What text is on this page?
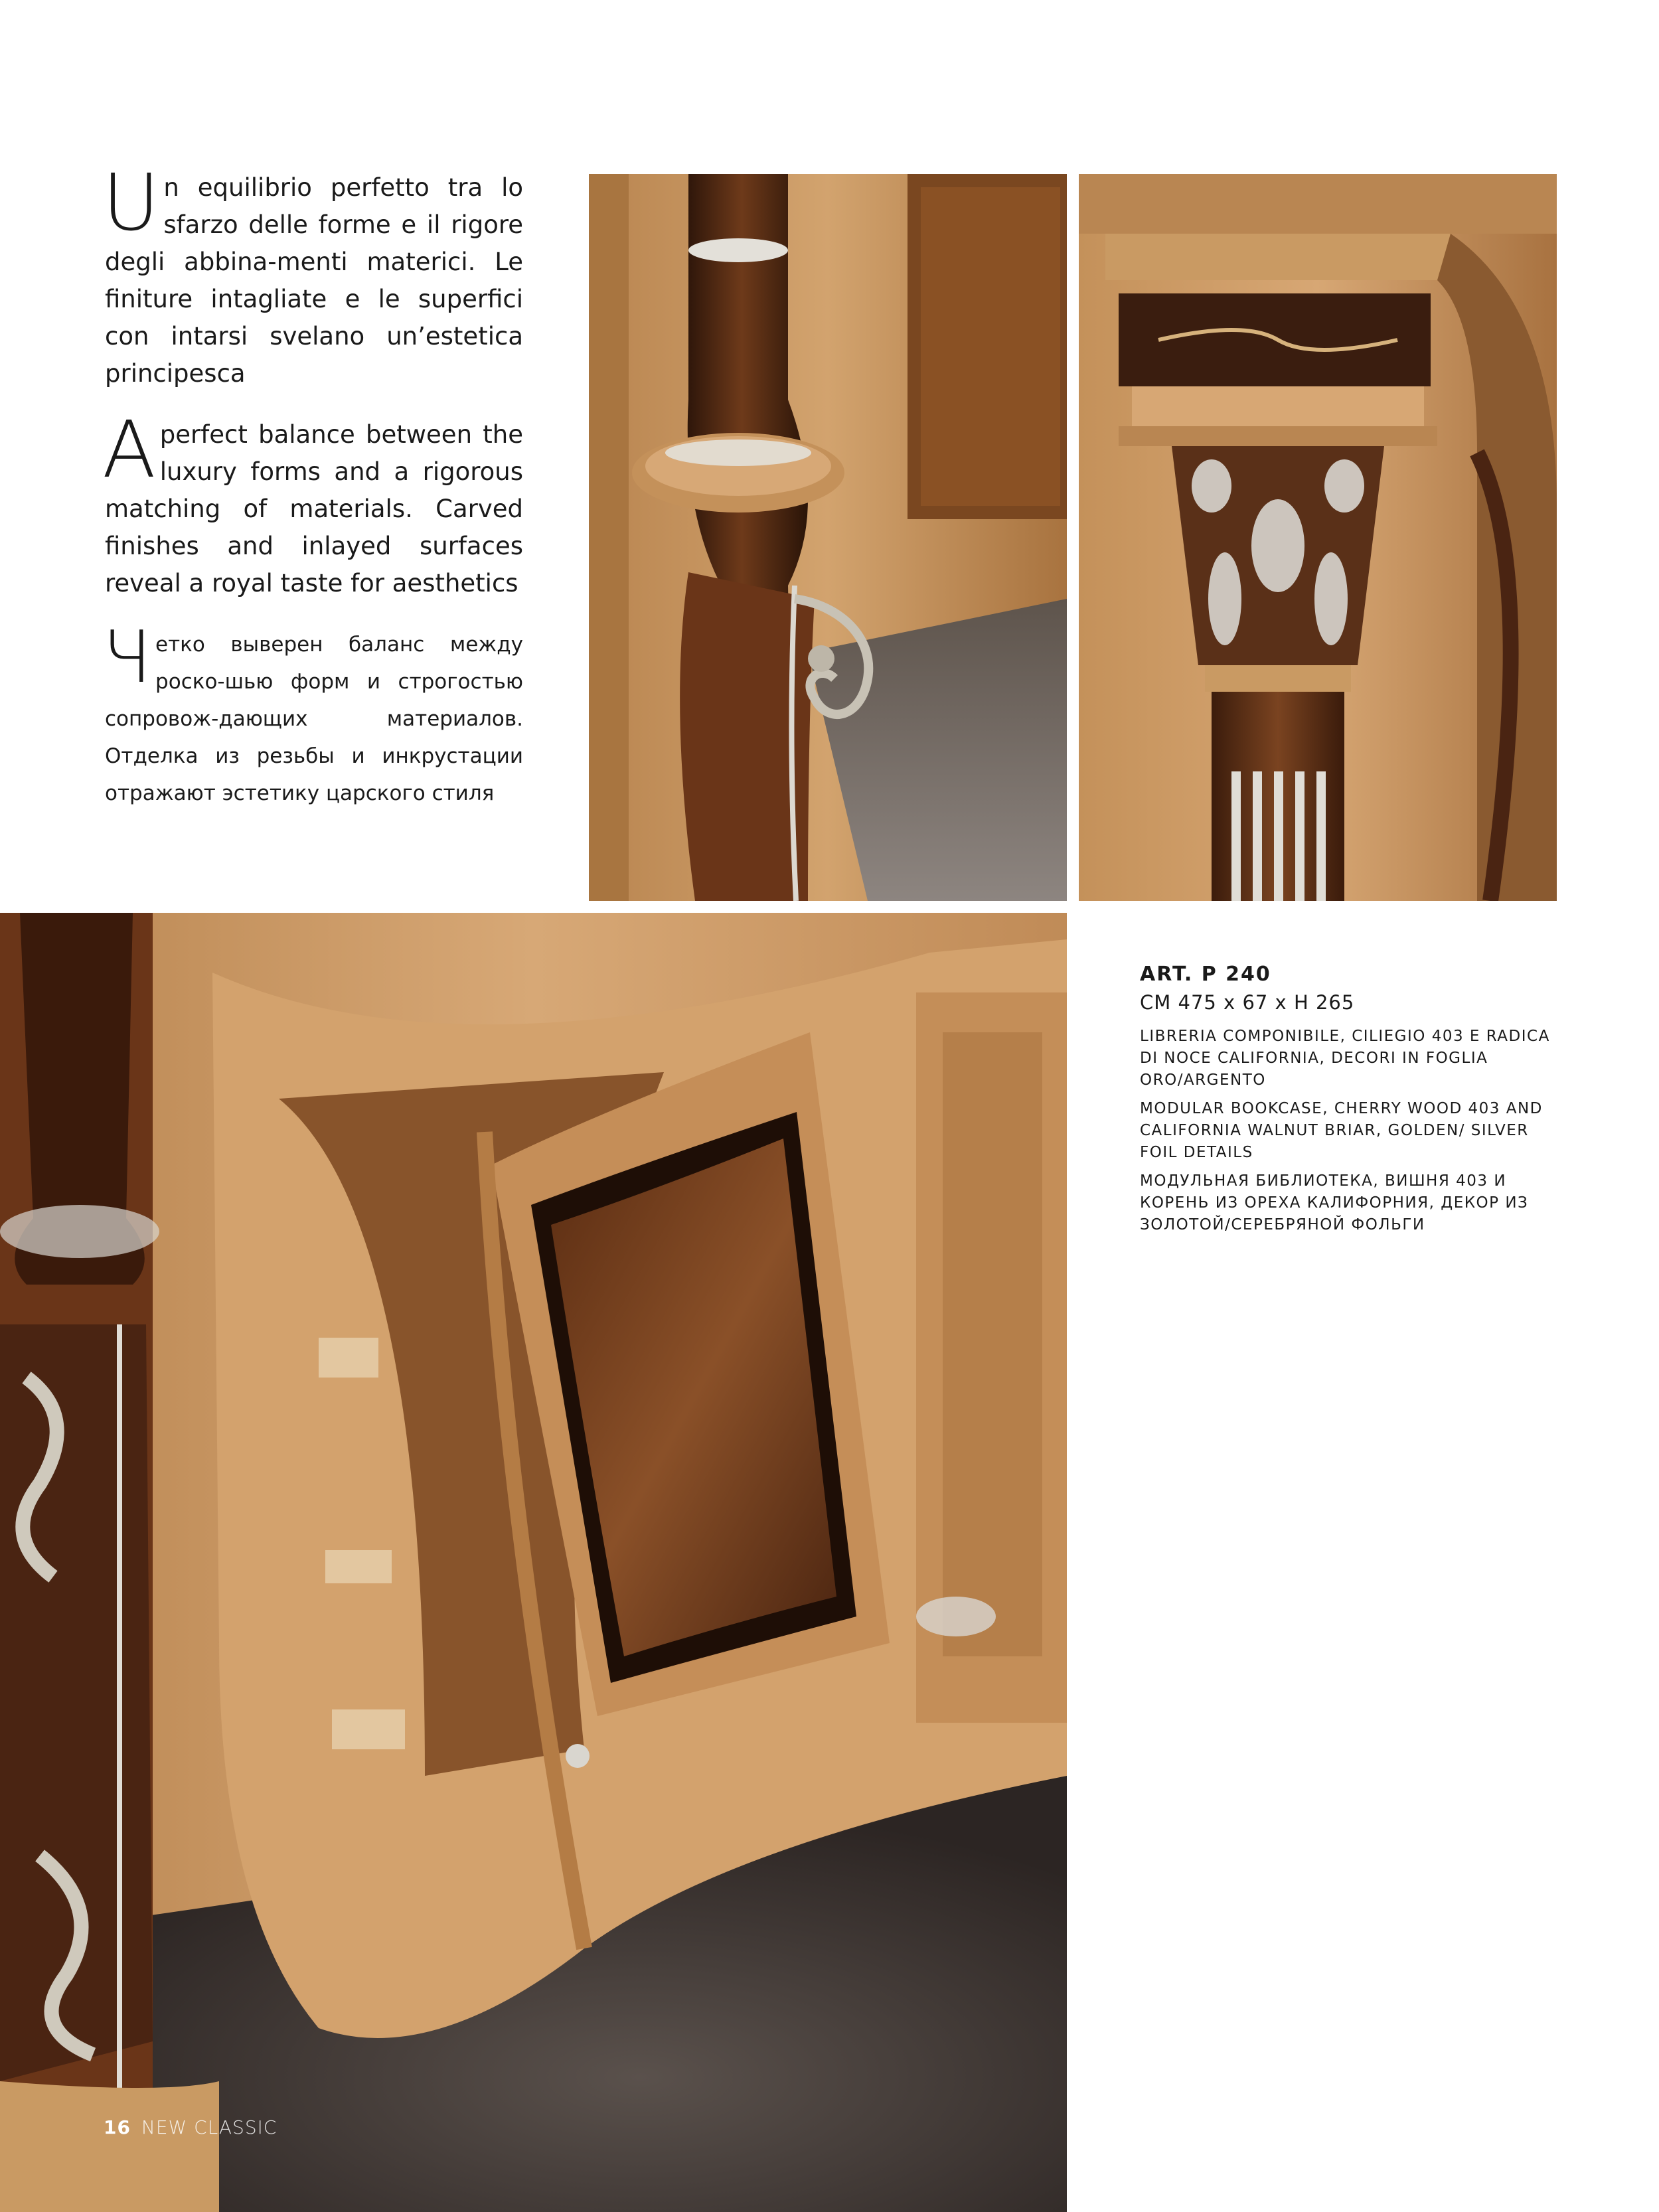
Un equilibrio perfetto tra lo sfarzo delle forme e il rigore degli abbina-menti materici. Le finiture intagliate e le superfici con intarsi svelano un’estetica principesca

Aperfect balance between the luxury forms and a rigorous matching of materials. Carved finishes and inlayed surfaces reveal a royal taste for aesthetics

Четко выверен баланс между роско-шью форм и строгостью сопровож-дающих материалов. Отделка из резьбы и инкрустации отражают эстетику царского стиля

ART. P 240

CM 475 x 67 x H 265

LIBRERIA COMPONIBILE, CILIEGIO 403 E RADICA DI NOCE CALIFORNIA, DECORI IN FOGLIA ORO/ARGENTO

MODULAR BOOKCASE, CHERRY WOOD 403 AND CALIFORNIA WALNUT BRIAR, GOLDEN/ SILVER FOIL DETAILS

МОДУЛЬНАЯ БИБЛИОТЕКА, ВИШНЯ 403 И КОРЕНЬ ИЗ ОРЕХА КАЛИФОРНИЯ, ДЕКОР ИЗ ЗОЛОТОЙ/СЕРЕБРЯНОЙ ФОЛЬГИ

16 NEW CLASSIC
